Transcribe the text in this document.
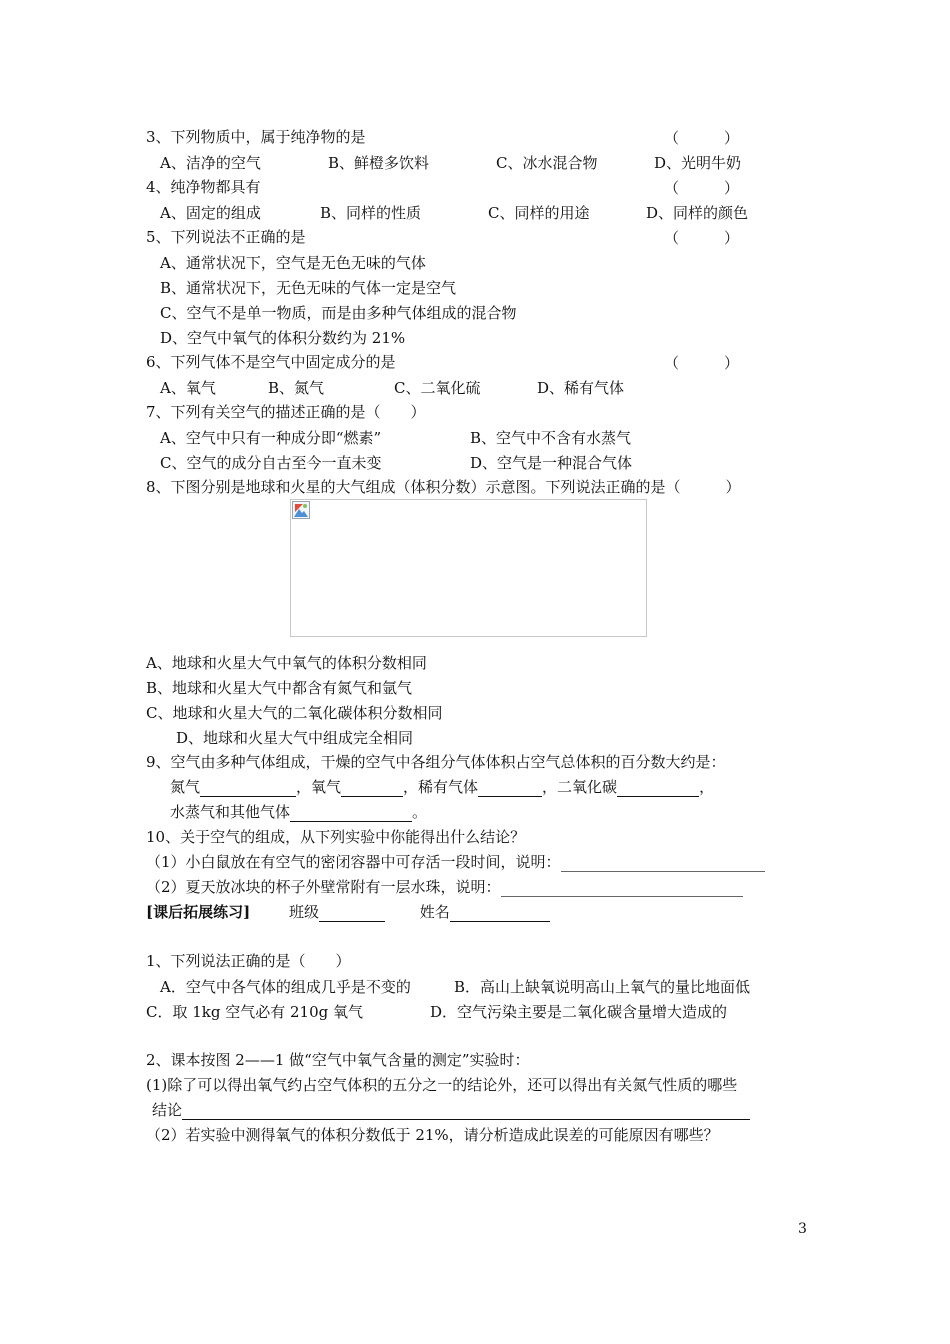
3、下列物质中，属于纯净物的是	（　　　）
A、洁净的空气	B、鲜橙多饮料	C、冰水混合物	D、光明牛奶
4、纯净物都具有	（　　　）
A、固定的组成	B、同样的性质	C、同样的用途	D、同样的颜色
5、下列说法不正确的是	（　　　）
A、通常状况下，空气是无色无味的气体
B、通常状况下，无色无味的气体一定是空气
C、空气不是单一物质，而是由多种气体组成的混合物
D、空气中氧气的体积分数约为 21%
6、下列气体不是空气中固定成分的是	（　　　）
A、氧气	B、氮气	C、二氧化硫	D、稀有气体
7、下列有关空气的描述正确的是（　　）
A、空气中只有一种成分即“燃素”	B、空气中不含有水蒸气
C、空气的成分自古至今一直未变	D、空气是一种混合气体
8、下图分别是地球和火星的大气组成（体积分数）示意图。下列说法正确的是（　　　）
A、地球和火星大气中氧气的体积分数相同
B、地球和火星大气中都含有氮气和氩气
C、地球和火星大气的二氧化碳体积分数相同
D、地球和火星大气中组成完全相同
9、空气由多种气体组成，干燥的空气中各组分气体体积占空气总体积的百分数大约是：
氮气	，氧气	，稀有气体	，二氧化碳	，
水蒸气和其他气体	。
10、关于空气的组成，从下列实验中你能得出什么结论？
（1）小白鼠放在有空气的密闭容器中可存活一段时间，说明：
（2）夏天放冰块的杯子外壁常附有一层水珠，说明：
[课后拓展练习]	班级	姓名
1、下列说法正确的是（　　）
A．空气中各气体的组成几乎是不变的	B．高山上缺氧说明高山上氧气的量比地面低
C．取 1kg 空气必有 210g 氧气	D．空气污染主要是二氧化碳含量增大造成的
2、课本按图 2——1 做“空气中氧气含量的测定”实验时：
(1)除了可以得出氧气约占空气体积的五分之一的结论外，还可以得出有关氮气性质的哪些
结论
（2）若实验中测得氧气的体积分数低于 21%，请分析造成此误差的可能原因有哪些？
3
